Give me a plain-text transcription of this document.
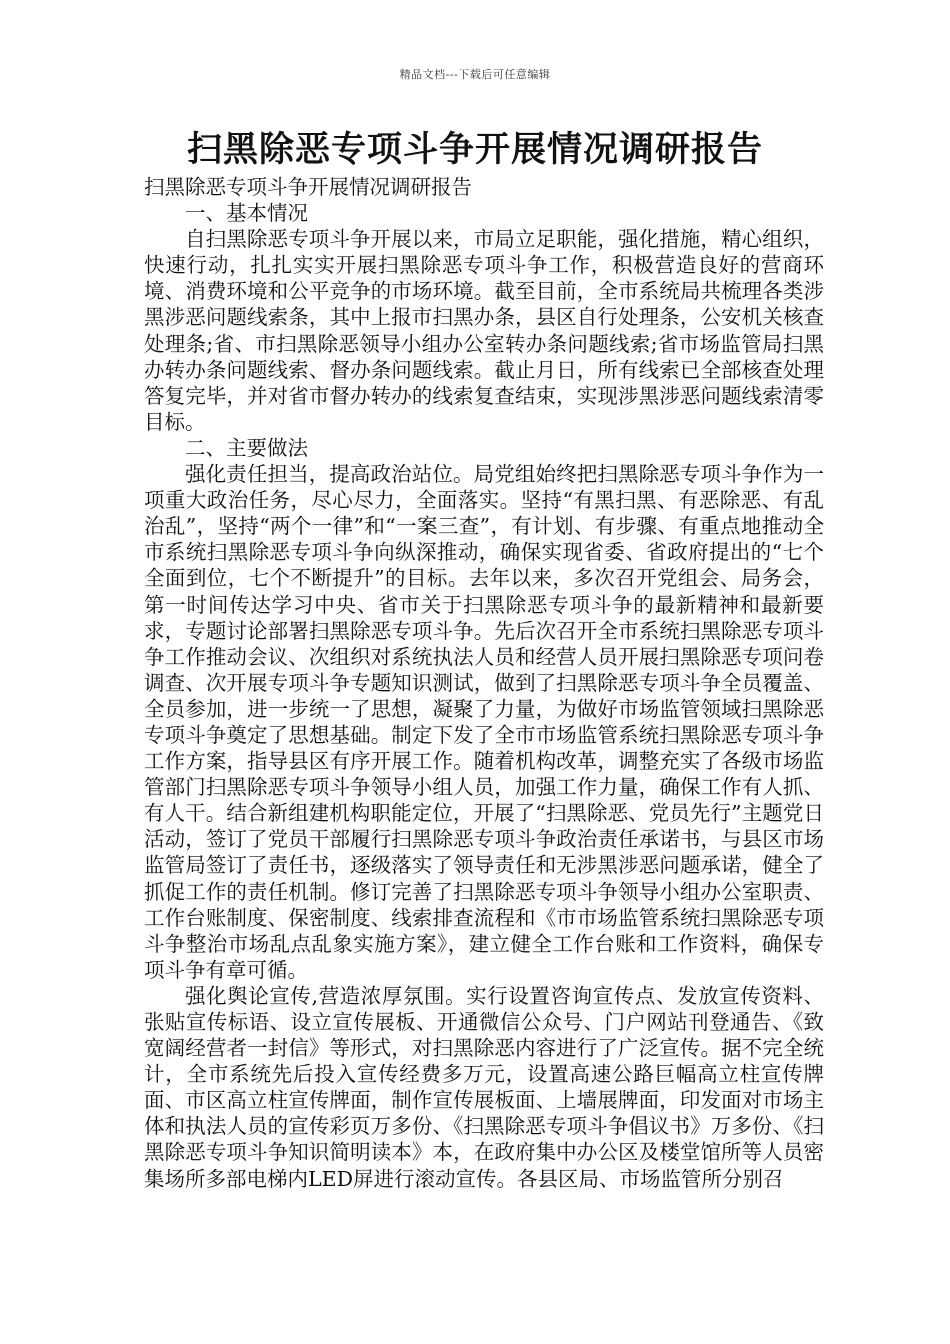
精品文档---下载后可任意编辑
扫黑除恶专项斗争开展情况调研报告

扫黑除恶专项斗争开展情况调研报告

一、基本情况

自扫黑除恶专项斗争开展以来，市局立足职能，强化措施，精心组织，快速行动，扎扎实实开展扫黑除恶专项斗争工作，积极营造良好的营商环境、消费环境和公平竞争的市场环境。截至目前，全市系统局共梳理各类涉黑涉恶问题线索条，其中上报市扫黑办条，县区自行处理条，公安机关核查处理条;省、市扫黑除恶领导小组办公室转办条问题线索;省市场监管局扫黑办转办条问题线索、督办条问题线索。截止月日，所有线索已全部核查处理答复完毕，并对省市督办转办的线索复查结束，实现涉黑涉恶问题线索清零目标。

二、主要做法

强化责任担当，提高政治站位。局党组始终把扫黑除恶专项斗争作为一项重大政治任务，尽心尽力，全面落实。坚持“有黑扫黑、有恶除恶、有乱治乱”，坚持“两个一律”和“一案三查”，有计划、有步骤、有重点地推动全市系统扫黑除恶专项斗争向纵深推动，确保实现省委、省政府提出的“七个全面到位，七个不断提升”的目标。去年以来，多次召开党组会、局务会，第一时间传达学习中央、省市关于扫黑除恶专项斗争的最新精神和最新要求，专题讨论部署扫黑除恶专项斗争。先后次召开全市系统扫黑除恶专项斗争工作推动会议、次组织对系统执法人员和经营人员开展扫黑除恶专项问卷调查、次开展专项斗争专题知识测试，做到了扫黑除恶专项斗争全员覆盖、全员参加，进一步统一了思想，凝聚了力量，为做好市场监管领域扫黑除恶专项斗争奠定了思想基础。制定下发了全市市场监管系统扫黑除恶专项斗争工作方案，指导县区有序开展工作。随着机构改革，调整充实了各级市场监管部门扫黑除恶专项斗争领导小组人员，加强工作力量，确保工作有人抓、有人干。结合新组建机构职能定位，开展了“扫黑除恶、党员先行”主题党日活动，签订了党员干部履行扫黑除恶专项斗争政治责任承诺书，与县区市场监管局签订了责任书，逐级落实了领导责任和无涉黑涉恶问题承诺，健全了抓促工作的责任机制。修订完善了扫黑除恶专项斗争领导小组办公室职责、工作台账制度、保密制度、线索排查流程和《市市场监管系统扫黑除恶专项斗争整治市场乱点乱象实施方案》，建立健全工作台账和工作资料，确保专项斗争有章可循。

强化舆论宣传,营造浓厚氛围。实行设置咨询宣传点、发放宣传资料、张贴宣传标语、设立宣传展板、开通微信公众号、门户网站刊登通告、《致宽阔经营者一封信》等形式，对扫黑除恶内容进行了广泛宣传。据不完全统计，全市系统先后投入宣传经费多万元，设置高速公路巨幅高立柱宣传牌面、市区高立柱宣传牌面，制作宣传展板面、上墙展牌面，印发面对市场主体和执法人员的宣传彩页万多份、《扫黑除恶专项斗争倡议书》万多份、《扫黑除恶专项斗争知识简明读本》本，在政府集中办公区及楼堂馆所等人员密集场所多部电梯内LED屏进行滚动宣传。各县区局、市场监管所分别召
